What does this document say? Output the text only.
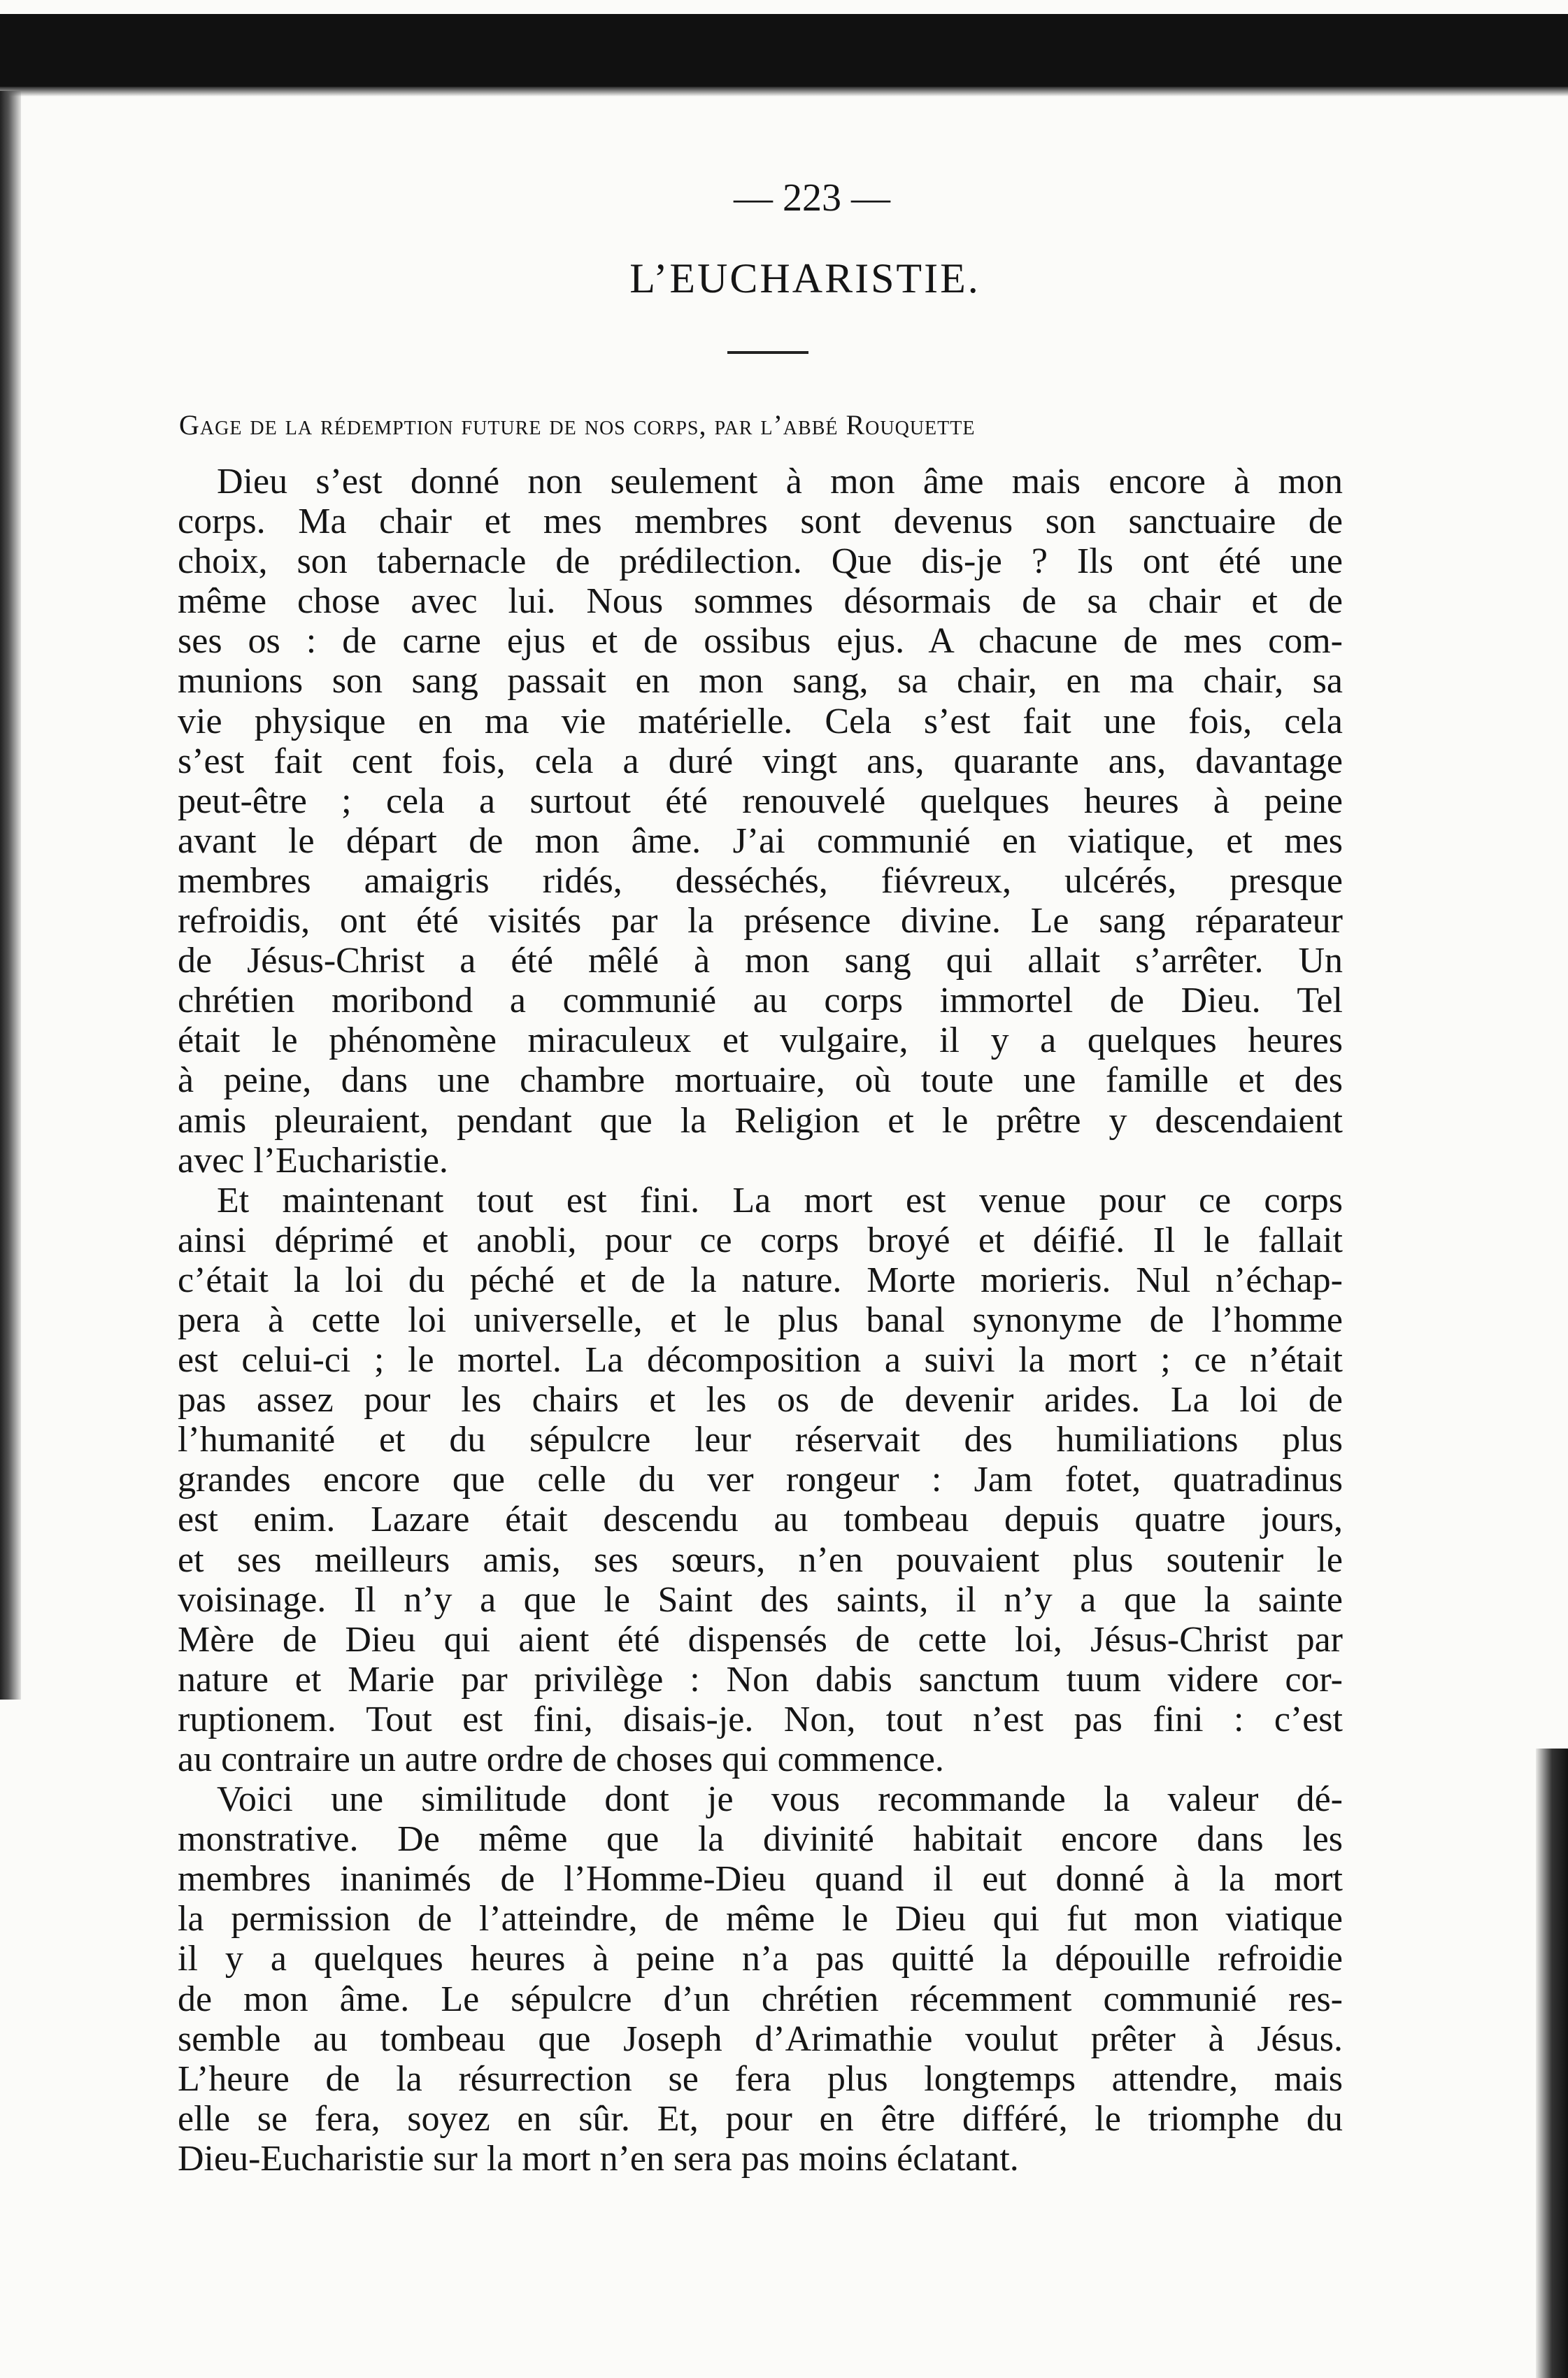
— 223 —
L’EUCHARISTIE.
Gage de la rédemption future de nos corps, par l’abbé Rouquette
Dieu s’est donné non seulement à mon âme mais encore à mon
corps. Ma chair et mes membres sont devenus son sanctuaire de
choix, son tabernacle de prédilection. Que dis-je ? Ils ont été une
même chose avec lui. Nous sommes désormais de sa chair et de
ses os : de carne ejus et de ossibus ejus. A chacune de mes com-
munions son sang passait en mon sang, sa chair, en ma chair, sa
vie physique en ma vie matérielle. Cela s’est fait une fois, cela
s’est fait cent fois, cela a duré vingt ans, quarante ans, davantage
peut-être ; cela a surtout été renouvelé quelques heures à peine
avant le départ de mon âme. J’ai communié en viatique, et mes
membres amaigris ridés, desséchés, fiévreux, ulcérés, presque
refroidis, ont été visités par la présence divine. Le sang réparateur
de Jésus-Christ a été mêlé à mon sang qui allait s’arrêter. Un
chrétien moribond a communié au corps immortel de Dieu. Tel
était le phénomène miraculeux et vulgaire, il y a quelques heures
à peine, dans une chambre mortuaire, où toute une famille et des
amis pleuraient, pendant que la Religion et le prêtre y descendaient
avec l’Eucharistie.
Et maintenant tout est fini. La mort est venue pour ce corps
ainsi déprimé et anobli, pour ce corps broyé et déifié. Il le fallait
c’était la loi du péché et de la nature. Morte morieris. Nul n’échap-
pera à cette loi universelle, et le plus banal synonyme de l’homme
est celui-ci ; le mortel. La décomposition a suivi la mort ; ce n’était
pas assez pour les chairs et les os de devenir arides. La loi de
l’humanité et du sépulcre leur réservait des humiliations plus
grandes encore que celle du ver rongeur : Jam fotet, quatradinus
est enim. Lazare était descendu au tombeau depuis quatre jours,
et ses meilleurs amis, ses sœurs, n’en pouvaient plus soutenir le
voisinage. Il n’y a que le Saint des saints, il n’y a que la sainte
Mère de Dieu qui aient été dispensés de cette loi, Jésus-Christ par
nature et Marie par privilège : Non dabis sanctum tuum videre cor-
ruptionem. Tout est fini, disais-je. Non, tout n’est pas fini : c’est
au contraire un autre ordre de choses qui commence.
Voici une similitude dont je vous recommande la valeur dé-
monstrative. De même que la divinité habitait encore dans les
membres inanimés de l’Homme-Dieu quand il eut donné à la mort
la permission de l’atteindre, de même le Dieu qui fut mon viatique
il y a quelques heures à peine n’a pas quitté la dépouille refroidie
de mon âme. Le sépulcre d’un chrétien récemment communié res-
semble au tombeau que Joseph d’Arimathie voulut prêter à Jésus.
L’heure de la résurrection se fera plus longtemps attendre, mais
elle se fera, soyez en sûr. Et, pour en être différé, le triomphe du
Dieu-Eucharistie sur la mort n’en sera pas moins éclatant.
